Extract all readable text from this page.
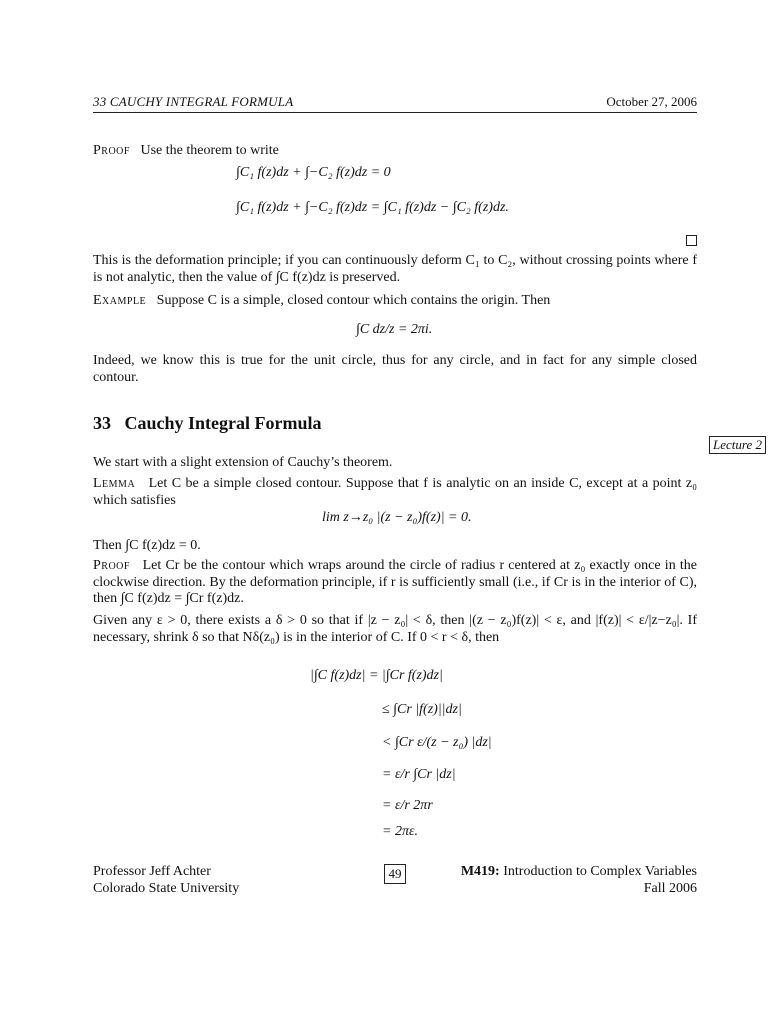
33 CAUCHY INTEGRAL FORMULA	October 27, 2006
Proof Use the theorem to write
∫C₁ f(z)dz + ∫−C₂ f(z)dz = 0
∫C₁ f(z)dz + ∫−C₂ f(z)dz = ∫C₁ f(z)dz − ∫C₂ f(z)dz.
This is the deformation principle; if you can continuously deform C₁ to C₂, without crossing points where f is not analytic, then the value of ∫C f(z)dz is preserved.
Example Suppose C is a simple, closed contour which contains the origin. Then
∫C dz/z = 2πi.
Indeed, we know this is true for the unit circle, thus for any circle, and in fact for any simple closed contour.
33 Cauchy Integral Formula
Lecture 2
We start with a slight extension of Cauchy’s theorem.
Lemma Let C be a simple closed contour. Suppose that f is analytic on an inside C, except at a point z₀ which satisfies
lim z→z₀ |(z − z₀)f(z)| = 0.
Then ∫C f(z)dz = 0.
Proof Let Cr be the contour which wraps around the circle of radius r centered at z₀ exactly once in the clockwise direction. By the deformation principle, if r is sufficiently small (i.e., if Cr is in the interior of C), then ∫C f(z)dz = ∫Cr f(z)dz.
Given any ε > 0, there exists a δ > 0 so that if |z − z₀| < δ, then |(z − z₀)f(z)| < ε, and |f(z)| < ε/|z−z₀|. If necessary, shrink δ so that Nδ(z₀) is in the interior of C. If 0 < r < δ, then
|∫C f(z)dz| = |∫Cr f(z)dz|
≤ ∫Cr |f(z)||dz|
< ∫Cr ε/(z − z₀) |dz|
= ε/r ∫Cr |dz|
= ε/r 2πr
= 2πε.
Professor Jeff Achter
Colorado State University
49	M419: Introduction to Complex Variables
Fall 2006
